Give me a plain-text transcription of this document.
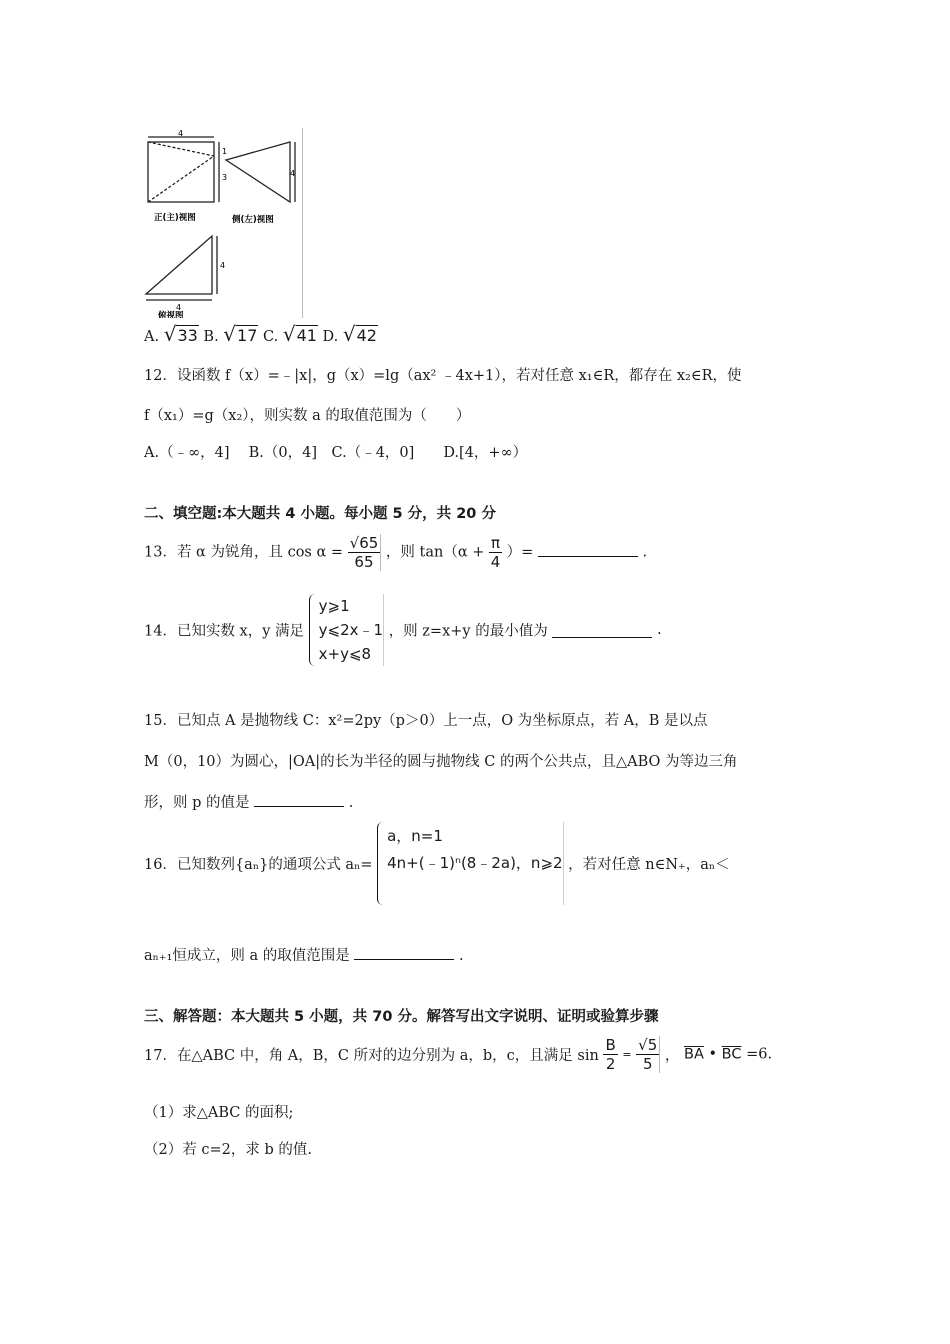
4
1
3	4
4
4
正(主)视图	侧(左)视图
俯视图
A. √33 B. √17 C. √41 D. √42
12．设函数 f（x）=﹣|x|，g（x）=lg（ax² ﹣4x+1），若对任意 x₁∈R，都存在 x₂∈R，使
f（x₁）=g（x₂），则实数 a 的取值范围为（　　）
A.（﹣∞，4]　 B.（0，4]　C.（﹣4，0]　　D.[4，+∞）
二、填空题:本大题共 4 小题。每小题 5 分，共 20 分
13．若 α 为锐角，且 $\cos \alpha = \frac{√65}{65}$ ，则 $\tan(\alpha + \frac{\pi}{4}$ ）=	.
14．已知实数 x，y 满足
y⩾1
y⩽2x﹣1
x+y⩽8
，则 z=x+y 的最小值为	.
15．已知点 A 是抛物线 C：x²=2py（p＞0）上一点，O 为坐标原点，若 A，B 是以点
M（0，10）为圆心，|OA|的长为半径的圆与抛物线 C 的两个公共点，且△ABO 为等边三角
形，则 p 的值是	.
16．已知数列{aₙ}的通项公式 aₙ=
a，n=1
4n+(﹣1)ⁿ(8﹣2a)，n⩾2 ，若对任意 n∈N₊，aₙ＜
aₙ₊₁恒成立，则 a 的取值范围是	.
三、解答题：本大题共 5 小题，共 70 分。解答写出文字说明、证明或验算步骤
17．在△ABC 中，角 A，B，C 所对的边分别为 a，b，c，且满足 $\sin \frac{B}{2} = \frac{√5}{5}$ ， $\overline{BA}$ • $\overline{BC} =6$.
（1）求△ABC 的面积;
（2）若 c=2，求 b 的值.
